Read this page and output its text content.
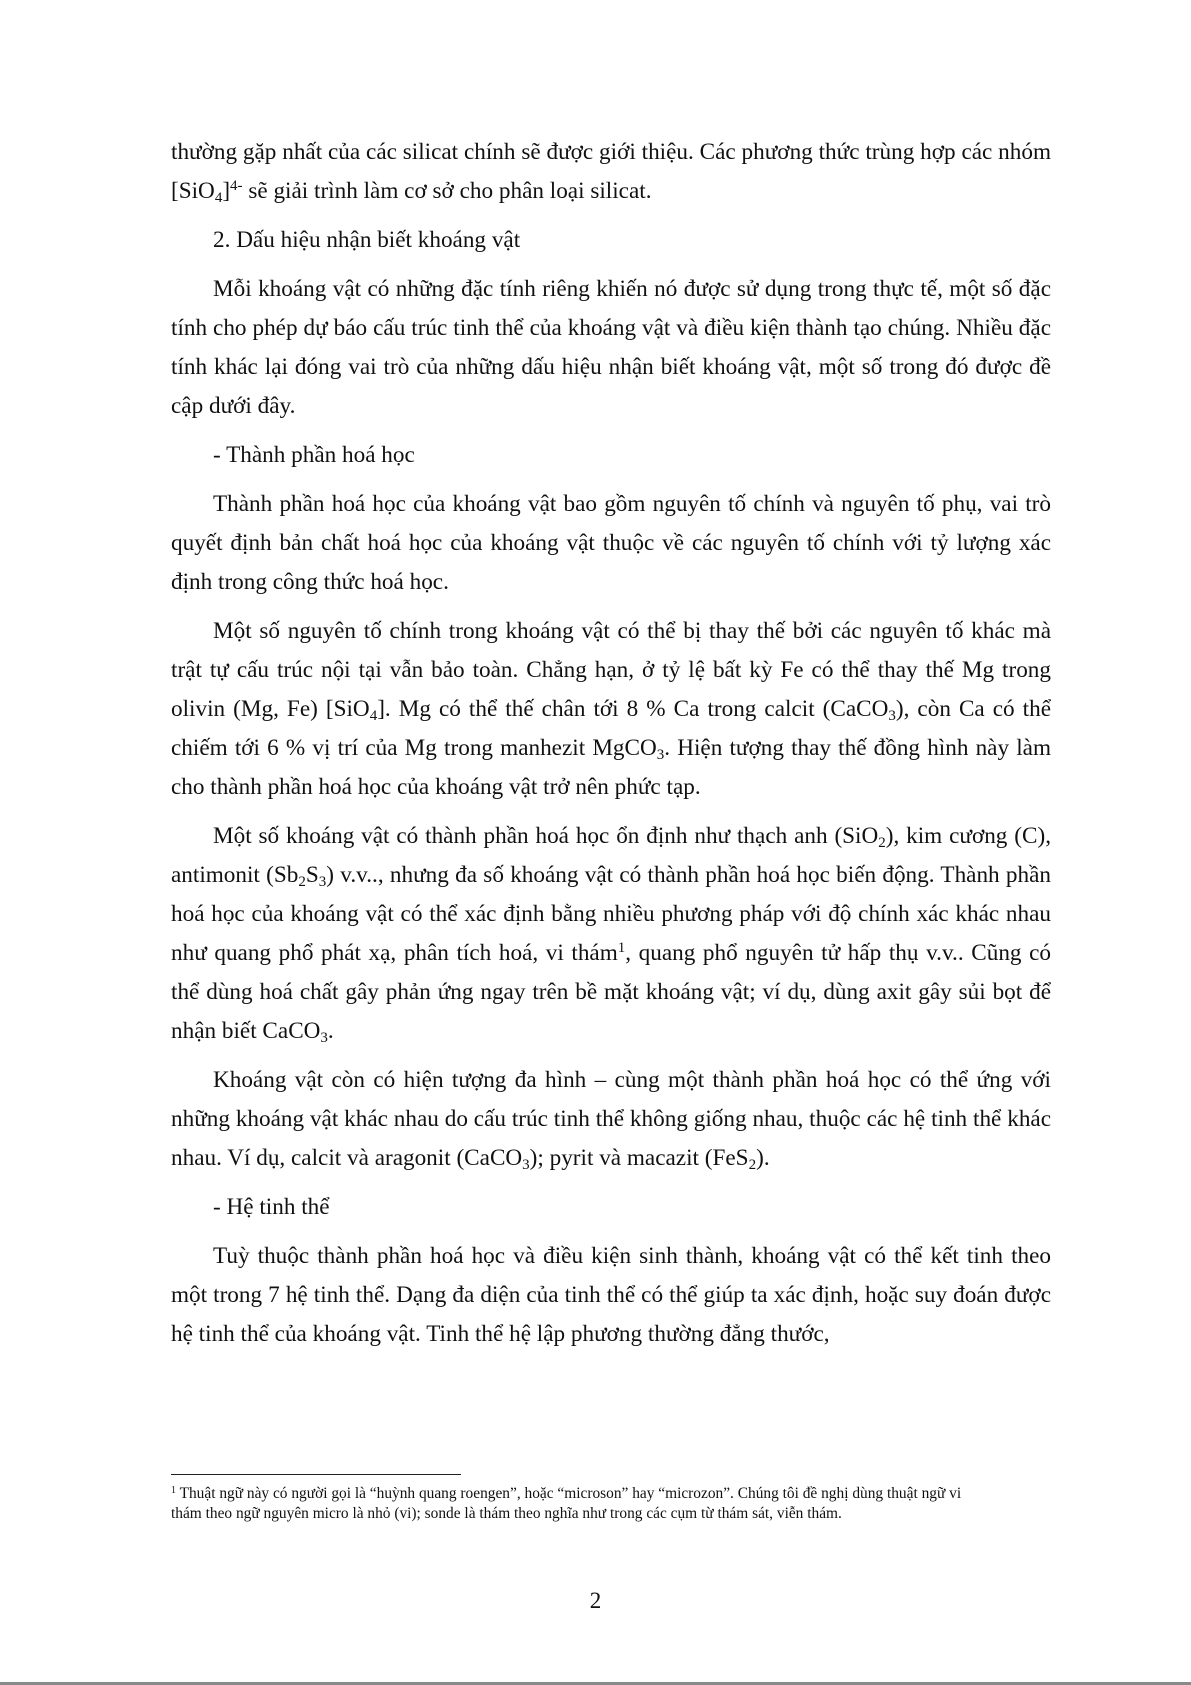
thường gặp nhất của các silicat chính sẽ được giới thiệu. Các phương thức trùng hợp các nhóm $[SiO_4]^{4-}$ sẽ giải trình làm cơ sở cho phân loại silicat.

2. Dấu hiệu nhận biết khoáng vật

Mỗi khoáng vật có những đặc tính riêng khiến nó được sử dụng trong thực tế, một số đặc tính cho phép dự báo cấu trúc tinh thể của khoáng vật và điều kiện thành tạo chúng. Nhiều đặc tính khác lại đóng vai trò của những dấu hiệu nhận biết khoáng vật, một số trong đó được đề cập dưới đây.

- Thành phần hoá học

Thành phần hoá học của khoáng vật bao gồm nguyên tố chính và nguyên tố phụ, vai trò quyết định bản chất hoá học của khoáng vật thuộc về các nguyên tố chính với tỷ lượng xác định trong công thức hoá học.

Một số nguyên tố chính trong khoáng vật có thể bị thay thế bởi các nguyên tố khác mà trật tự cấu trúc nội tại vẫn bảo toàn. Chẳng hạn, ở tỷ lệ bất kỳ Fe có thể thay thế Mg trong olivin (Mg, Fe) [SiO$_4$]. Mg có thể thế chân tới 8 % Ca trong calcit (CaCO$_3$), còn Ca có thể chiếm tới 6 % vị trí của Mg trong manhezit MgCO$_3$. Hiện tượng thay thế đồng hình này làm cho thành phần hoá học của khoáng vật trở nên phức tạp.

Một số khoáng vật có thành phần hoá học ổn định như thạch anh (SiO$_2$), kim cương (C), antimonit $(Sb_2S_3)$ v.v.., nhưng đa số khoáng vật có thành phần hoá học biến động. Thành phần hoá học của khoáng vật có thể xác định bằng nhiều phương pháp với độ chính xác khác nhau như quang phổ phát xạ, phân tích hoá, vi thám$^1$, quang phổ nguyên tử hấp thụ v.v.. Cũng có thể dùng hoá chất gây phản ứng ngay trên bề mặt khoáng vật; ví dụ, dùng axit gây sủi bọt để nhận biết CaCO$_3$.

Khoáng vật còn có hiện tượng đa hình – cùng một thành phần hoá học có thể ứng với những khoáng vật khác nhau do cấu trúc tinh thể không giống nhau, thuộc các hệ tinh thể khác nhau. Ví dụ, calcit và aragonit (CaCO$_3$); pyrit và macazit (FeS$_2$).

- Hệ tinh thể

Tuỳ thuộc thành phần hoá học và điều kiện sinh thành, khoáng vật có thể kết tinh theo một trong 7 hệ tinh thể. Dạng đa diện của tinh thể có thể giúp ta xác định, hoặc suy đoán được hệ tinh thể của khoáng vật. Tinh thể hệ lập phương thường đẳng thước,

$^1$ Thuật ngữ này có người gọi là “huỳnh quang roengen”, hoặc “microson” hay “microzon”. Chúng tôi đề nghị dùng thuật ngữ vi thám theo ngữ nguyên micro là nhỏ (vi); sonde là thám theo nghĩa như trong các cụm từ thám sát, viễn thám.
2
